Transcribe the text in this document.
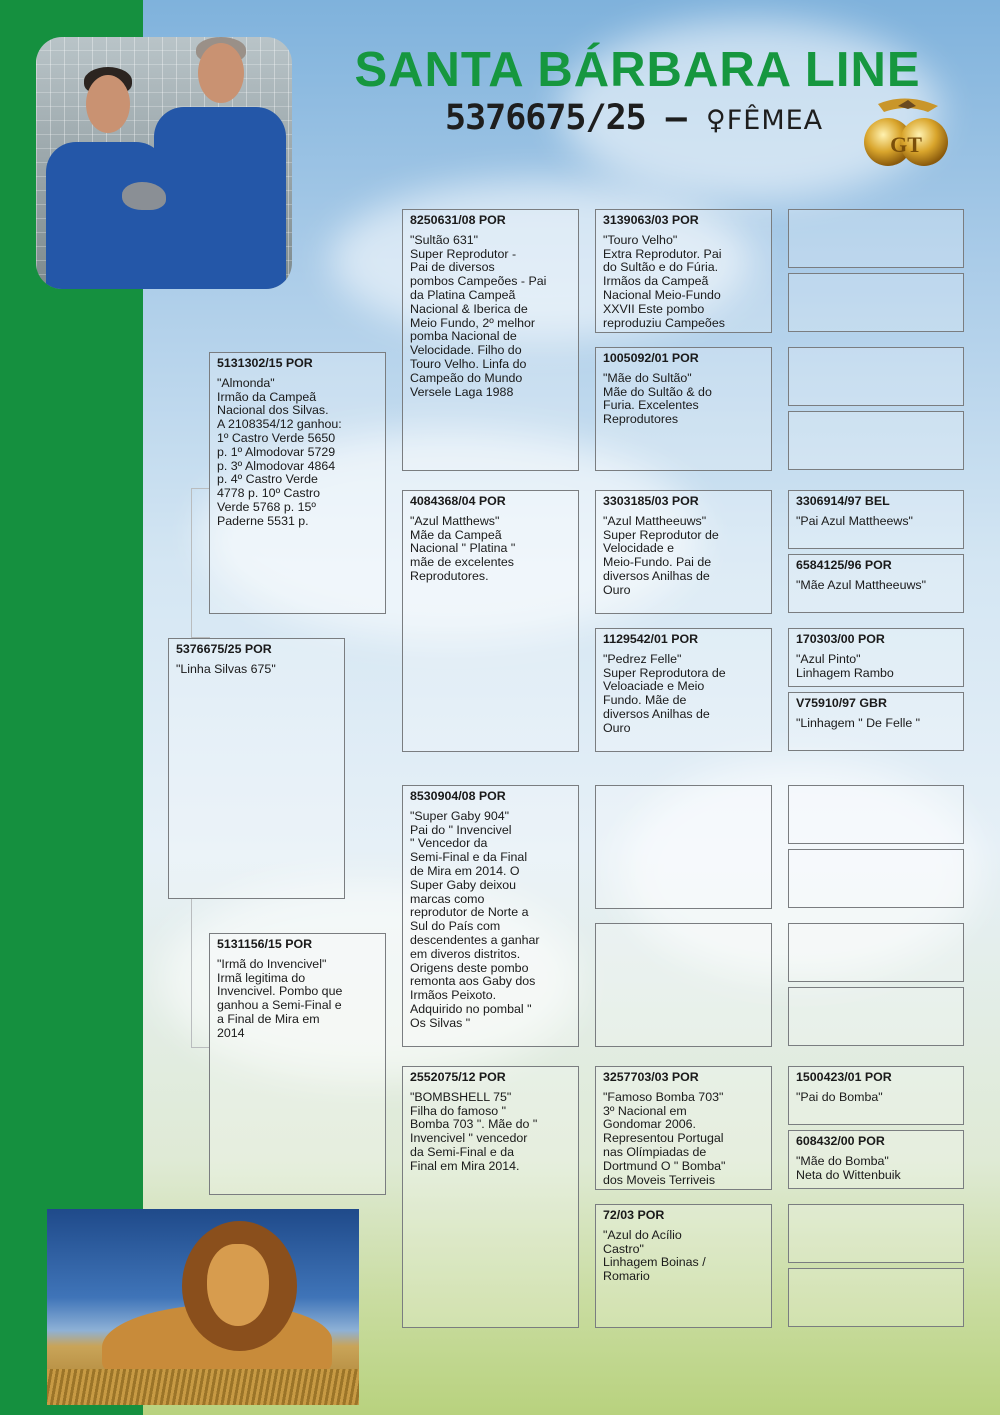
SANTA BÁRBARA LINE
5376675/25 – ♀FÊMEA
GT
5376675/25 POR
"Linha Silvas 675"
5131302/15 POR
"Almonda"
Irmão da Campeã
Nacional dos Silvas.
A 2108354/12 ganhou:
1º Castro Verde 5650
p. 1º Almodovar 5729
p. 3º Almodovar 4864
p. 4º Castro Verde
4778 p. 10º Castro
Verde 5768 p. 15º
Paderne 5531 p.
5131156/15 POR
"Irmã do Invencivel"
Irmã legitima do
Invencivel. Pombo que
ganhou a Semi-Final e
a Final de Mira em
2014
8250631/08 POR
"Sultão 631"
Super Reprodutor -
Pai de diversos
pombos Campeões - Pai
da Platina Campeã
Nacional & Iberica de
Meio Fundo, 2º melhor
pomba Nacional de
Velocidade. Filho do
Touro Velho. Linfa do
Campeão do Mundo
Versele Laga 1988
4084368/04 POR
"Azul Matthews"
Mãe da Campeã
Nacional " Platina "
mãe de excelentes
Reprodutores.
8530904/08 POR
"Super Gaby 904"
Pai do " Invencivel
" Vencedor da
Semi-Final e da Final
de Mira em 2014. O
Super Gaby deixou
marcas como
reprodutor de Norte a
Sul do País com
descendentes a ganhar
em diveros distritos.
Origens deste pombo
remonta aos Gaby dos
Irmãos Peixoto.
Adquirido no pombal "
Os Silvas "
2552075/12 POR
"BOMBSHELL 75"
Filha do famoso "
Bomba 703 ". Mãe do "
Invencivel " vencedor
da Semi-Final e da
Final em Mira 2014.
3139063/03 POR
"Touro Velho"
Extra Reprodutor. Pai
do Sultão e do Fúria.
Irmãos da Campeã
Nacional Meio-Fundo
XXVII Este pombo
reproduziu Campeões
1005092/01 POR
"Mãe do Sultão"
Mãe do Sultão & do
Furia. Excelentes
Reprodutores
3303185/03 POR
"Azul Mattheeuws"
Super Reprodutor de
Velocidade e
Meio-Fundo. Pai de
diversos Anilhas de
Ouro
1129542/01 POR
"Pedrez Felle"
Super Reprodutora de
Veloaciade e Meio
Fundo. Mãe de
diversos Anilhas de
Ouro
3257703/03 POR
"Famoso Bomba 703"
3º Nacional em
Gondomar 2006.
Representou Portugal
nas Olímpiadas de
Dortmund O " Bomba"
dos Moveis Terriveis
72/03 POR
"Azul do Acílio
Castro"
Linhagem Boinas /
Romario
3306914/97 BEL
"Pai Azul Mattheews"
6584125/96 POR
"Mãe Azul Mattheeuws"
170303/00 POR
"Azul Pinto"
Linhagem Rambo
V75910/97 GBR
"Linhagem " De Felle "
1500423/01 POR
"Pai do Bomba"
608432/00 POR
"Mãe do Bomba"
Neta do Wittenbuik
